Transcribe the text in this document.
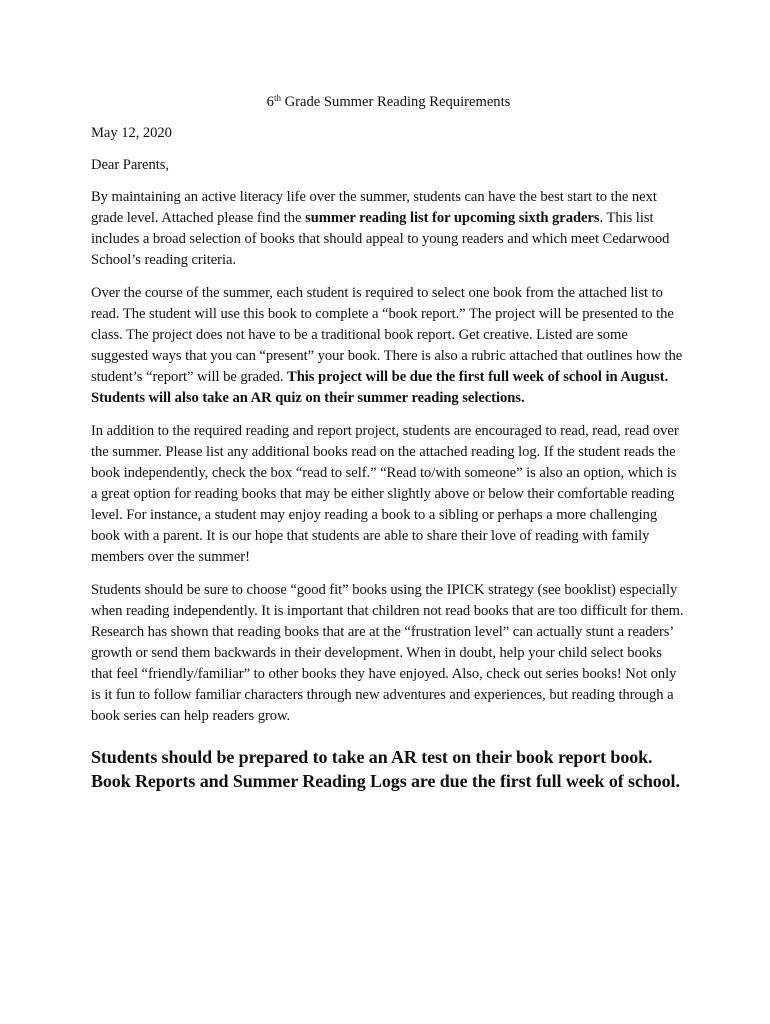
6th Grade Summer Reading Requirements
May 12, 2020
Dear Parents,
By maintaining an active literacy life over the summer, students can have the best start to the next grade level. Attached please find the summer reading list for upcoming sixth graders. This list includes a broad selection of books that should appeal to young readers and which meet Cedarwood School’s reading criteria.
Over the course of the summer, each student is required to select one book from the attached list to read. The student will use this book to complete a “book report.” The project will be presented to the class. The project does not have to be a traditional book report. Get creative. Listed are some suggested ways that you can “present” your book. There is also a rubric attached that outlines how the student’s “report” will be graded. This project will be due the first full week of school in August. Students will also take an AR quiz on their summer reading selections.
In addition to the required reading and report project, students are encouraged to read, read, read over the summer. Please list any additional books read on the attached reading log. If the student reads the book independently, check the box “read to self.” “Read to/with someone” is also an option, which is a great option for reading books that may be either slightly above or below their comfortable reading level. For instance, a student may enjoy reading a book to a sibling or perhaps a more challenging book with a parent. It is our hope that students are able to share their love of reading with family members over the summer!
Students should be sure to choose “good fit” books using the IPICK strategy (see booklist) especially when reading independently. It is important that children not read books that are too difficult for them. Research has shown that reading books that are at the “frustration level” can actually stunt a readers’ growth or send them backwards in their development. When in doubt, help your child select books that feel “friendly/familiar” to other books they have enjoyed. Also, check out series books! Not only is it fun to follow familiar characters through new adventures and experiences, but reading through a book series can help readers grow.
Students should be prepared to take an AR test on their book report book. Book Reports and Summer Reading Logs are due the first full week of school.
